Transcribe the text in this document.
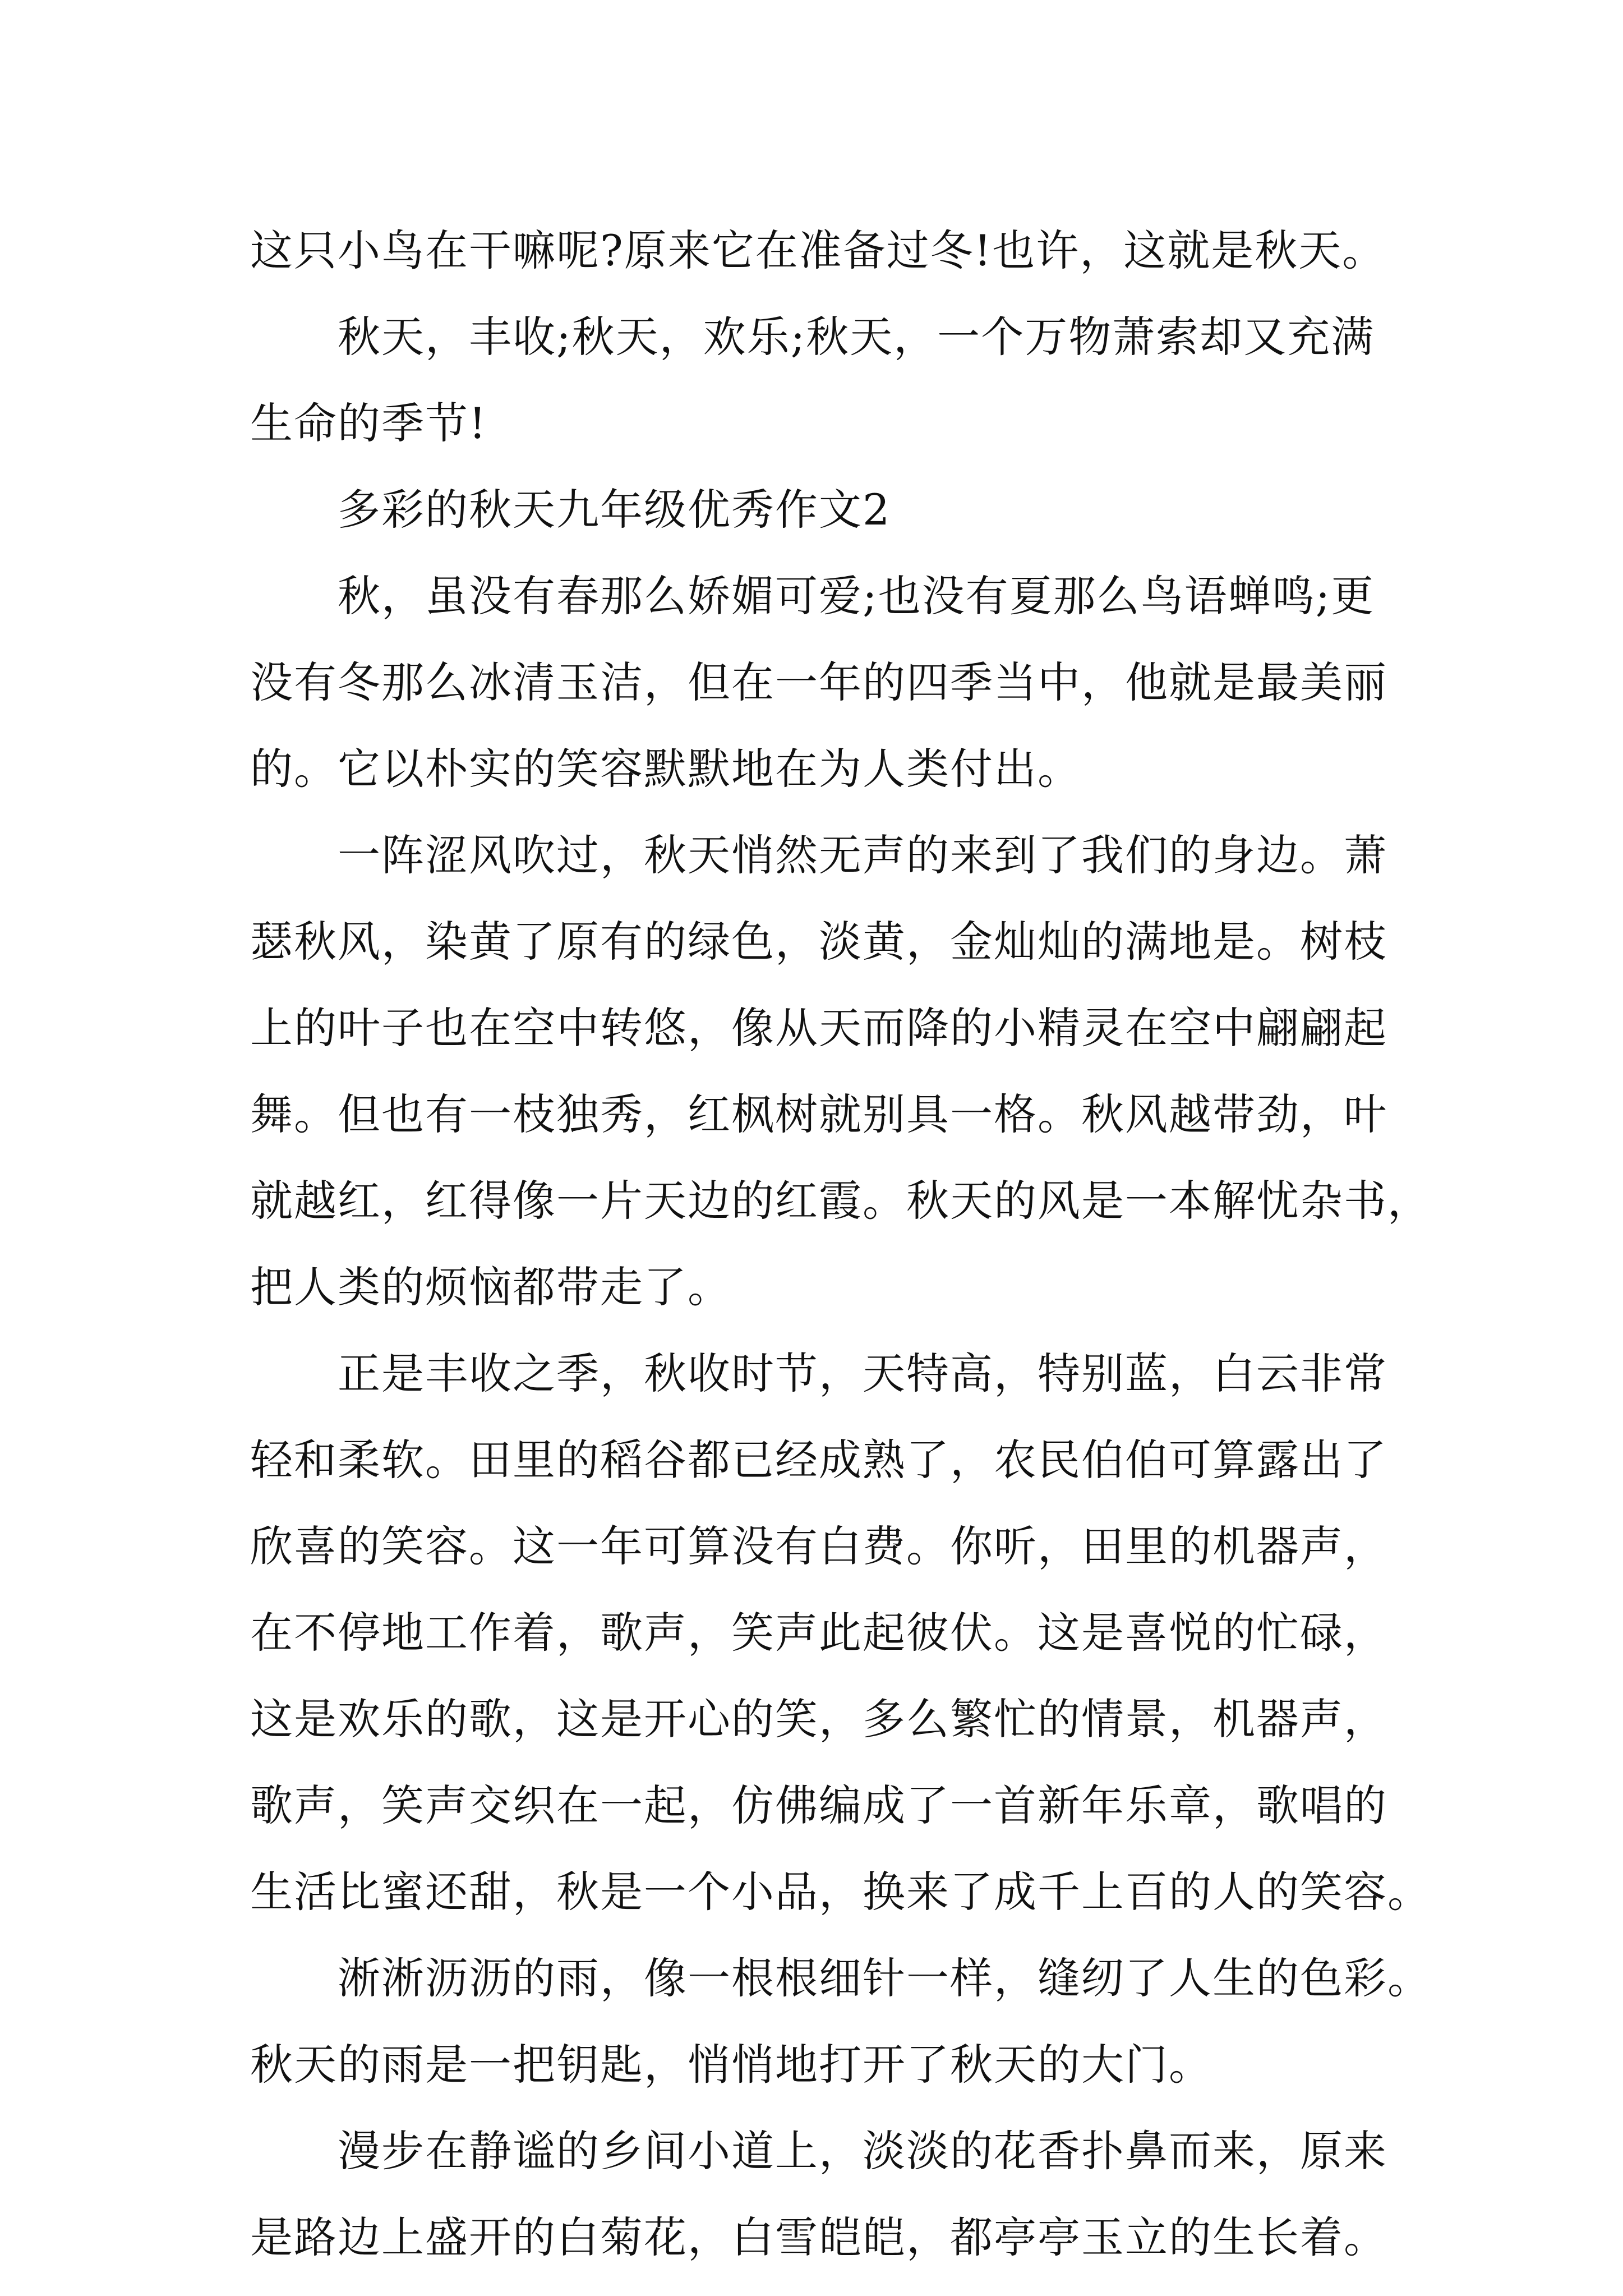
这只小鸟在干嘛呢?原来它在准备过冬!也许，这就是秋天。
秋天，丰收;秋天，欢乐;秋天，一个万物萧索却又充满
生命的季节!
多彩的秋天九年级优秀作文2
秋，虽没有春那么娇媚可爱;也没有夏那么鸟语蝉鸣;更
没有冬那么冰清玉洁，但在一年的四季当中，他就是最美丽
的。它以朴实的笑容默默地在为人类付出。
一阵涩风吹过，秋天悄然无声的来到了我们的身边。萧
瑟秋风，染黄了原有的绿色，淡黄，金灿灿的满地是。树枝
上的叶子也在空中转悠，像从天而降的小精灵在空中翩翩起
舞。但也有一枝独秀，红枫树就别具一格。秋风越带劲，叶
就越红，红得像一片天边的红霞。秋天的风是一本解忧杂书，
把人类的烦恼都带走了。
正是丰收之季，秋收时节，天特高，特别蓝，白云非常
轻和柔软。田里的稻谷都已经成熟了，农民伯伯可算露出了
欣喜的笑容。这一年可算没有白费。你听，田里的机器声，
在不停地工作着，歌声，笑声此起彼伏。这是喜悦的忙碌，
这是欢乐的歌，这是开心的笑，多么繁忙的情景，机器声，
歌声，笑声交织在一起，仿佛编成了一首新年乐章，歌唱的
生活比蜜还甜，秋是一个小品，换来了成千上百的人的笑容。
淅淅沥沥的雨，像一根根细针一样，缝纫了人生的色彩。
秋天的雨是一把钥匙，悄悄地打开了秋天的大门。
漫步在静谧的乡间小道上，淡淡的花香扑鼻而来，原来
是路边上盛开的白菊花，白雪皑皑，都亭亭玉立的生长着。
